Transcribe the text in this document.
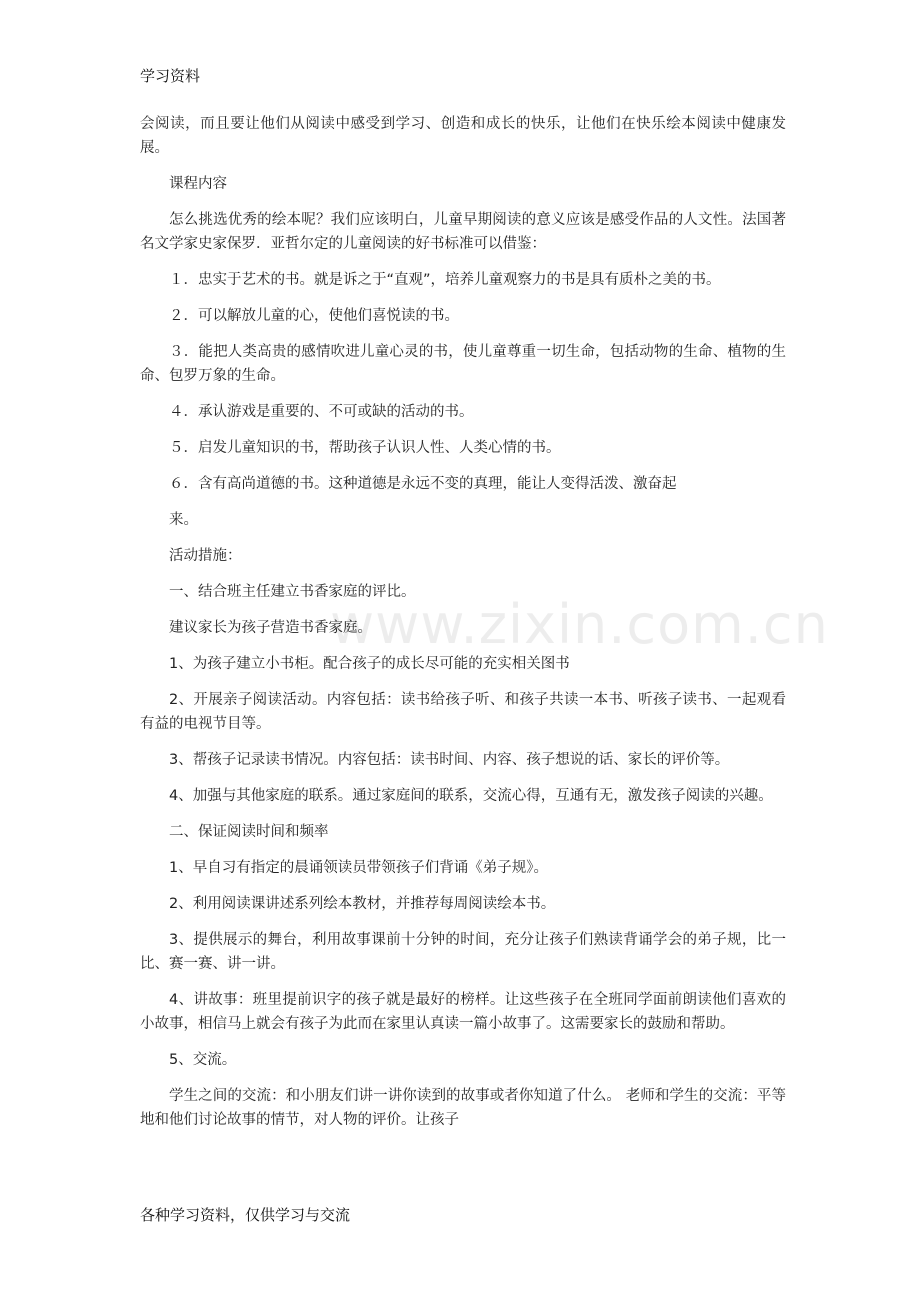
学习资料

会阅读，而且要让他们从阅读中感受到学习、创造和成长的快乐，让他们在快乐绘本阅读中健康发展。

课程内容

怎么挑选优秀的绘本呢？我们应该明白，儿童早期阅读的意义应该是感受作品的人文性。法国著名文学家史家保罗．亚哲尔定的儿童阅读的好书标准可以借鉴：

１．忠实于艺术的书。就是诉之于“直观”，培养儿童观察力的书是具有质朴之美的书。

２．可以解放儿童的心，使他们喜悦读的书。

３．能把人类高贵的感情吹进儿童心灵的书，使儿童尊重一切生命，包括动物的生命、植物的生命、包罗万象的生命。

４．承认游戏是重要的、不可或缺的活动的书。

５．启发儿童知识的书，帮助孩子认识人性、人类心情的书。

６．含有高尚道德的书。这种道德是永远不变的真理，能让人变得活泼、激奋起

来。

活动措施：

一、结合班主任建立书香家庭的评比。

建议家长为孩子营造书香家庭。

1、为孩子建立小书柜。配合孩子的成长尽可能的充实相关图书

2、开展亲子阅读活动。内容包括：读书给孩子听、和孩子共读一本书、听孩子读书、一起观看有益的电视节目等。

3、帮孩子记录读书情况。内容包括：读书时间、内容、孩子想说的话、家长的评价等。

4、加强与其他家庭的联系。通过家庭间的联系，交流心得，互通有无，激发孩子阅读的兴趣。

二、保证阅读时间和频率

1、早自习有指定的晨诵领读员带领孩子们背诵《弟子规》。

2、利用阅读课讲述系列绘本教材，并推荐每周阅读绘本书。

3、提供展示的舞台，利用故事课前十分钟的时间，充分让孩子们熟读背诵学会的弟子规，比一比、赛一赛、讲一讲。

4、讲故事：班里提前识字的孩子就是最好的榜样。让这些孩子在全班同学面前朗读他们喜欢的小故事，相信马上就会有孩子为此而在家里认真读一篇小故事了。这需要家长的鼓励和帮助。

5、交流。

学生之间的交流：和小朋友们讲一讲你读到的故事或者你知道了什么。 老师和学生的交流：平等地和他们讨论故事的情节，对人物的评价。让孩子

www.zixin.com.cn
各种学习资料，仅供学习与交流
